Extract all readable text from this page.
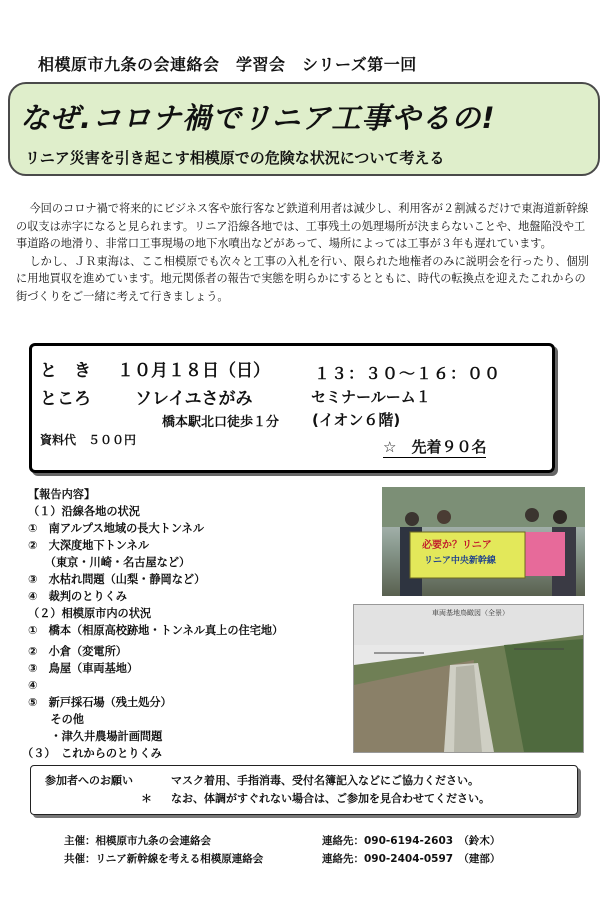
相模原市九条の会連絡会　学習会　シリーズ第一回
なぜ.コロナ禍でリニア工事やるの!
リニア災害を引き起こす相模原での危険な状況について考える

今回のコロナ禍で将来的にビジネス客や旅行客など鉄道利用者は減少し、利用客が２割減るだけで東海道新幹線の収支は赤字になると見られます。リニア沿線各地では、工事残土の処理場所が決まらないことや、地盤陥没や工事道路の地滑り、非常口工事現場の地下水噴出などがあって、場所によっては工事が３年も遅れています。

しかし、ＪＲ東海は、ここ相模原でも次々と工事の入札を行い、限られた地権者のみに説明会を行ったり、個別に用地買収を進めています。地元関係者の報告で実態を明らかにするとともに、時代の転換点を迎えたこれからの街づくりをご一緒に考えて行きましょう。

と　き １０月１８日（日）	１３：３０～１６：００
ところ	ソレイユさがみ	セミナールーム１
橋本駅北口徒歩１分 (イオン６階)
資料代　５００円	☆　先着９０名
【報告内容】
（１）沿線各地の状況
①　南アルプス地域の長大トンネル
②　大深度地下トンネル
　　（東京・川崎・名古屋など）
③　水枯れ問題（山梨・静岡など）
④　裁判のとりくみ
（２）相模原市内の状況
①　橋本（相原高校跡地・トンネル真上の住宅地）
②　小倉（変電所）
③　鳥屋（車両基地）
④
⑤　新戸採石場（残土処分）
　　その他
　　・津久井農場計画問題
（３）　これからのとりくみ
必要か？リニア
リニア中央新幹線
車両基地鳥瞰図（全景）
参加者へのお願い	マスク着用、手指消毒、受付名簿記入などにご協力ください。
＊ なお、体調がすぐれない場合は、ご参加を見合わせてください。
主催：相模原市九条の会連絡会	連絡先：090-6194-2603　（鈴木）
共催：リニア新幹線を考える相模原連絡会	連絡先：090-2404-0597　（建部）
